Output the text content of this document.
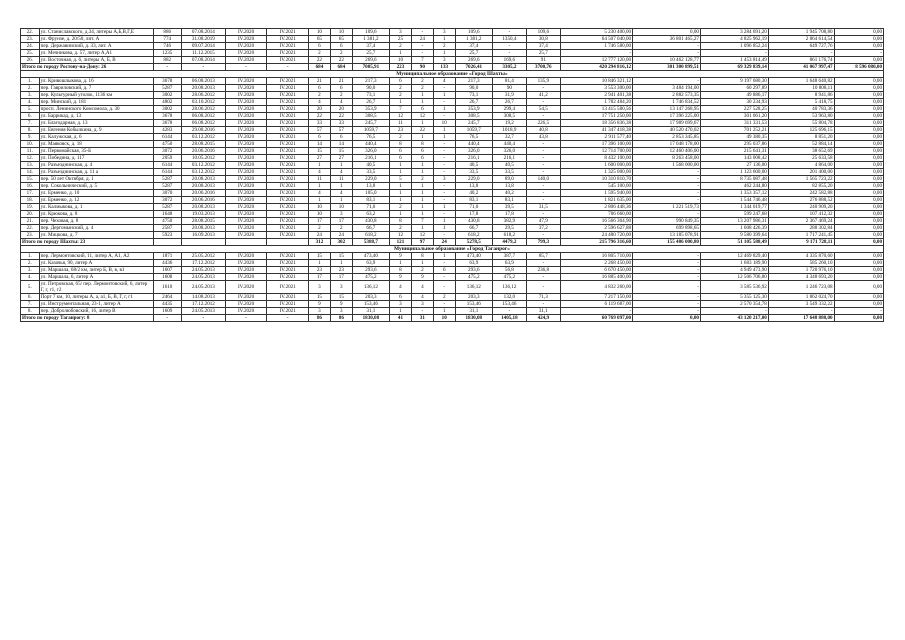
22.	ул. Станиславского, д.34, литеры А,Б,В,Г,Е	886	07.08.2014	IV.2020	IV.2021	10	10	109,6	3	-	3	109,6	-	109,6	5 230 400,00	0,00	3 284 691,20	1 945 708,80	0,00
23.	ул. Фрунзе, д. 20/50, лит. А	774	31.08.2019	IV.2020	IV.2021	65	65	1 381,2	25	24	1	1 381,2	1350,4	30,8	64 507 040,00	36 801 465,27	4 825 962,19	2 864 614,54	0,00
24.	пер. Державинский, д. 33, лит. А	746	09.07.2014	IV.2020	IV.2021	6	6	37,4	2	-	2	37,4	-	37,4	1 746 580,00	-	1 096 852,24	649 727,76	0,00
25.	ул. Мечникова, д. 57, литер А,А1	1235	11.12.2015	IV.2020	IV.2021	2	2	25,7	1	-	1	25,7	-	25,7	-	-	-	-	-
26.	ул. Восточная, д. 6, литеры А, Б, В	882	07.08.2014	IV.2020	IV.2021	22	22	269,6	10	7	3	269,6	169,6	91	12 777 120,00	10 462 128,77	1 453 814,49	861 176,74	0,00
Итого по городу Ростову-на-Дону: 26		-	-	-	-	684	684	7005,91	223	90	133	7026,41	3305,2	3700,76	420 294 816,12	301 300 899,51	69 329 839,14	41 067 997,47	8 596 080,00
Муниципальное образование «Город Шахты»																			
1.	ул. Кривошлыкова, д. 16	3678	06.08.2013	IV.2020	IV.2021	21	21	217,3	6	2	4	217,3	81,4	135,9	10 846 321,12	-	9 197 680,30	1 648 640,82	0,00
2.	пер. Гавриловский, д. 7	5287	20.08.2013	IV.2020	IV.2021	6	6	90,0	2	2	-	90,0	90	-	3 553 300,00	3 484 194,00	60 297,89	10 808,11	0,00
3.	пер. Культурный уголок, 1136 км	3002	28.06.2012	IV.2020	IV.2021	2	2	73,1	2	1	1	73,1	31,9	41,2	2 941 401,38	2 882 573,35	49 886,17	8 941,86	0,00
4.	пер. Минский, д. 181	4802	03.10.2012	IV.2020	IV.2021	4	4	26,7	1	1	-	26,7	26,7	-	1 782 484,20	1 746 834,52	30 234,93	5 418,75	0,00
5.	просп. Ленинского Комсомола, д. 30	3002	28.06.2012	IV.2020	IV.2021	20	20	353,9	7	6	1	353,9	299,4	54,5	13 415 580,56	13 147 268,95	227 528,25	40 783,36	0,00
6.	ул. Баррикад, д. 13	3678	06.08.2012	IV.2020	IV.2021	22	22	308,5	12	12	-	308,5	308,5	-	17 751 250,00	17 396 225,00	301 061,20	53 963,80	0,00
7.	ул. Благодарная, д. 13	3678	06.08.2012	IV.2020	IV.2021	33	33	245,7	11	1	10	245,7	19,2	226,5	18 356 836,38	17 989 699,67	311 331,53	55 804,78	0,00
8.	ул. Евгения Кобылкина, д. 9	4283	29.08.2016	IV.2020	IV.2021	57	57	1059,7	23	22	1	1059,7	1018,9	40,8	41 347 418,38	40 520 470,02	701 252,21	125 696,15	0,00
9.	ул. Калужская, д. 6	6144	03.12.2012	IV.2020	IV.2021	6	6	76,5	2	1	1	76,5	32,7	43,8	2 911 577,40	2 853 345,85	49 380,35	8 851,20	0,00
10.	ул. Маяковск, д. 18	4750	28.08.2015	IV.2020	IV.2021	14	14	440,4	8	8	-	440,4	440,4	-	17 396 100,00	17 048 178,00	295 037,86	52 884,14	0,00
11.	ул. Первомайская, 35-Б	3072	20.06.2016	IV.2020	IV.2021	15	15	326,0	6	6	-	326,0	326,0	-	12 714 700,00	12 460 406,00	215 641,31	38 652,69	0,00
12.	ул. Победина, д. 117	2059	10.05.2012	IV.2020	IV.2021	27	27	216,1	6	6	-	216,1	216,1	-	8 432 100,00	8 263 458,00	143 008,42	25 633,58	0,00
13.	ул. Разъезднинская, д. 4	6144	03.12.2012	IV.2020	IV.2021	1	1	40,5	1	1	-	40,5	40,5	-	1 600 000,00	1 568 000,00	27 136,00	4 864,00	0,00
14.	ул. Разъезднинская, д. 11 а	6144	03.12.2012	IV.2020	IV.2021	4	4	33,5	1	1	-	33,5	33,5	-	1 325 000,00	-	1 123 600,00	201 400,00	0,00
15.	пер. 50 лет Октября, д. 1	5287	20.08.2013	IV.2020	IV.2021	11	11	229,0	5	2	3	229,0	89,0	140,0	10 310 810,70	-	8 735 087,48	1 565 723,22	0,00
16.	пер. Сокольнический, д. 5	5287	20.08.2013	IV.2020	IV.2021	1	1	13,8	1	1	-	13,8	13,8	-	545 100,00	-	462 244,80	82 855,20	0,00
17.	ул. Ерменко, д. 10	3070	20.06.2016	IV.2020	IV.2021	4	4	105,0	1	1	-	40,2	40,2	-	1 595 940,00	-	1 353 357,12	242 582,88	0,00
18.	ул. Ерменко, д. 12	3072	20.06.2016	IV.2020	IV.2021	1	1	83,1	1	1	-	83,1	83,1	-	1 821 635,00	-	1 544 746,48	276 888,52	0,00
19.	ул. Калмыкова, д. 1	5287	20.08.2013	IV.2020	IV.2021	10	10	71,0	2	1	1	71,0	39,5	31,5	2 806 448,36	1 221 519,73	1 344 019,77	240 909,20	0,00
20.	ул. Крюкова, д. 8	1648	19.03.2013	IV.2020	IV.2021	10	3	63,2	1	1	-	17,8	17,8	-	706 660,00	-	599 247,68	107 412,32	0,00
21.	пер. Чеховая, д. 8	4750	28.08.2015	IV.2020	IV.2021	17	17	430,8	8	7	1	430,8	382,9	47,9	16 566 304,90	990 849,35	13 207 986,31	2 367 469,24	0,00
22.	пер. Дергомынский, д. 4	2587	20.08.2013	IV.2020	IV.2021	2	2	66,7	2	1	1	66,7	29,5	37,2	2 596 627,88	699 898,65	1 608 426,39	288 302,84	0,00
23.	ул. Мицкова, д. 7	5923	16.09.2013	IV.2020	IV.2021	24	24	618,2	12	12	-	618,2	618,2	-	24 480 720,00	13 185 078,91	9 580 399,64	1 717 241,45	0,00
Итого по городу Шахты: 23						312	302	5388,7	121	97	24	5278,5	4479,2	799,3	215 796 316,60	155 486 000,80	51 105 588,49	9 171 728,11	0,00
Муниципальное образование «Город Таганрог»																			
1.	пер. Лермонтовский, 11, литер А, А1, А2	1871	25.05.2012	IV.2020	IV.2021	15	15	473,40	9	8	1	473,40	387,7	85,7	16 805 710,00	-	12 469 829,40	4 335 870,60	0,00
2.	ул. Казачья, 90, литер А	4436	17.12.2012	IV.2020	IV.2021	1	1	63,9	1	1	-	63,9	63,9	-	2 268 450,00	-	1 683 189,90	585 260,10	0,00
3.	ул. Маршала, 68/2 км, литер Б, В, в, в1	1607	24.05.2013	IV.2020	IV.2021	23	23	293,6	8	2	6	293,6	56,8	236,8	6 670 450,00	-	4 949 473,90	1 720 976,10	0,00
4.	ул. Маршала, 6, литер А	1608	24.05.2013	IV.2020	IV.2021	17	17	475,2	9	9	-	475,2	475,2	-	16 885 400,00	-	12 506 706,80	4 348 693,20	0,00
5.	ул. Петровская, 65/ пер. Лермонтовский, 6, литер Г, г, г1, г2	1610	24.05.2013	IV.2020	IV.2021	3	3	136,12	4	4	-	136,12	136,12	-	4 832 260,00	-	3 585 536,92	1 246 723,08	0,00
6.	Порт 7 км, 10, литеры А, а, а1, Б, В, Г, г, г1	2464	14.08.2013	IV.2020	IV.2021	15	15	203,3	6	4	2	203,3	132,0	71,3	7 217 150,00	-	5 355 125,30	1 862 024,70	0,00
7.	ул. Инструментальная, 23-1, литер А	4435	17.12.2012	IV.2020	IV.2021	9	9	153,46	3	3	-	153,46	153,46	-	6 119 687,00	-	2 570 354,78	3 549 332,22	0,00
8.	пер. Добролюбовский, 16, литер В	1609	24.05.2013	IV.2020	IV.2021	3	3	31,1	1	-	1	31,1	-	31,1	-	-	-	-	-
Итого по городу Таганрогу: 8		-	-	-	-	86	86	1830,08	41	31	10	1830,08	1405,18	424,9	60 769 097,00	0,00	43 120 217,00	17 648 880,00	0,00
